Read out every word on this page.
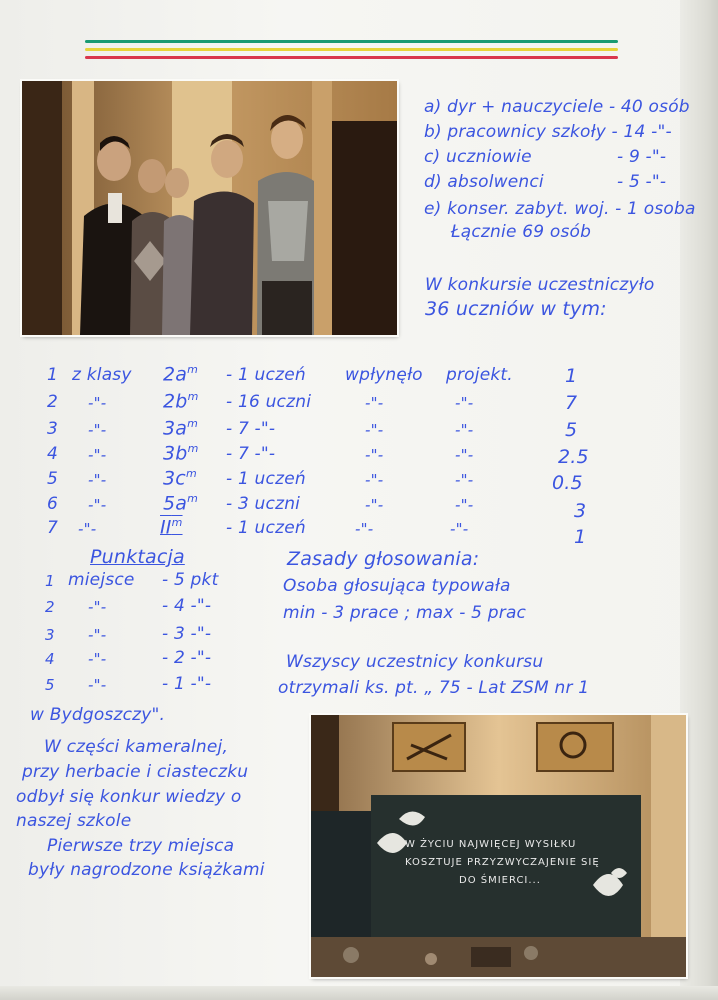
a) dyr + nauczyciele - 40 osób
b) pracownicy szkoły - 14 -"-
c) uczniowie	- 9 -"-
d) absolwenci	- 5 -"-
e) konser. zabyt. woj. - 1 osoba
Łącznie 69 osób
W konkursie uczestniczyło
36 uczniów w tym:
1 z klasy $2a^m - 1$ uczeń wpłynęło projekt.	1
2 -"-	$2b^m - 16$ uczni	-"-	-"-	7
3 -"-	$3a^m - 7$ -"-	-"-	-"-	5
4 -"-	$3b^m - 7$ -"-	-"-	-"-	2.5
5 -"-	$3c^m - 1$ uczeń	-"-	-"-	0.5
6 -"-	$5a^m - 3$ uczni	-"-	-"-	3
7 -"-	$II^m$	- 1 uczeń	-"-	-"-	1
Punktacja
1 miejsce - 5 pkt
2 -"-	- 4 -"-
3 -"-	- 3 -"-
4 -"-	- 2 -"-
5 -"-	- 1 -"-
Zasady głosowania:
Osoba głosująca typowała
min - 3 prace ; max - 5 prac
Wszyscy uczestnicy konkursu
otrzymali ks. pt. „ 75 - Lat ZSM nr 1
w Bydgoszczy".
W części kameralnej,
przy herbacie i ciasteczku
odbył się konkur wiedzy o
naszej szkole
Pierwsze trzy miejsca
były nagrodzone książkami
W ŻYCIU NAJWIĘCEJ WYSIŁKU
KOSZTUJE PRZYZWYCZAJENIE SIĘ
DO ŚMIERCI...
